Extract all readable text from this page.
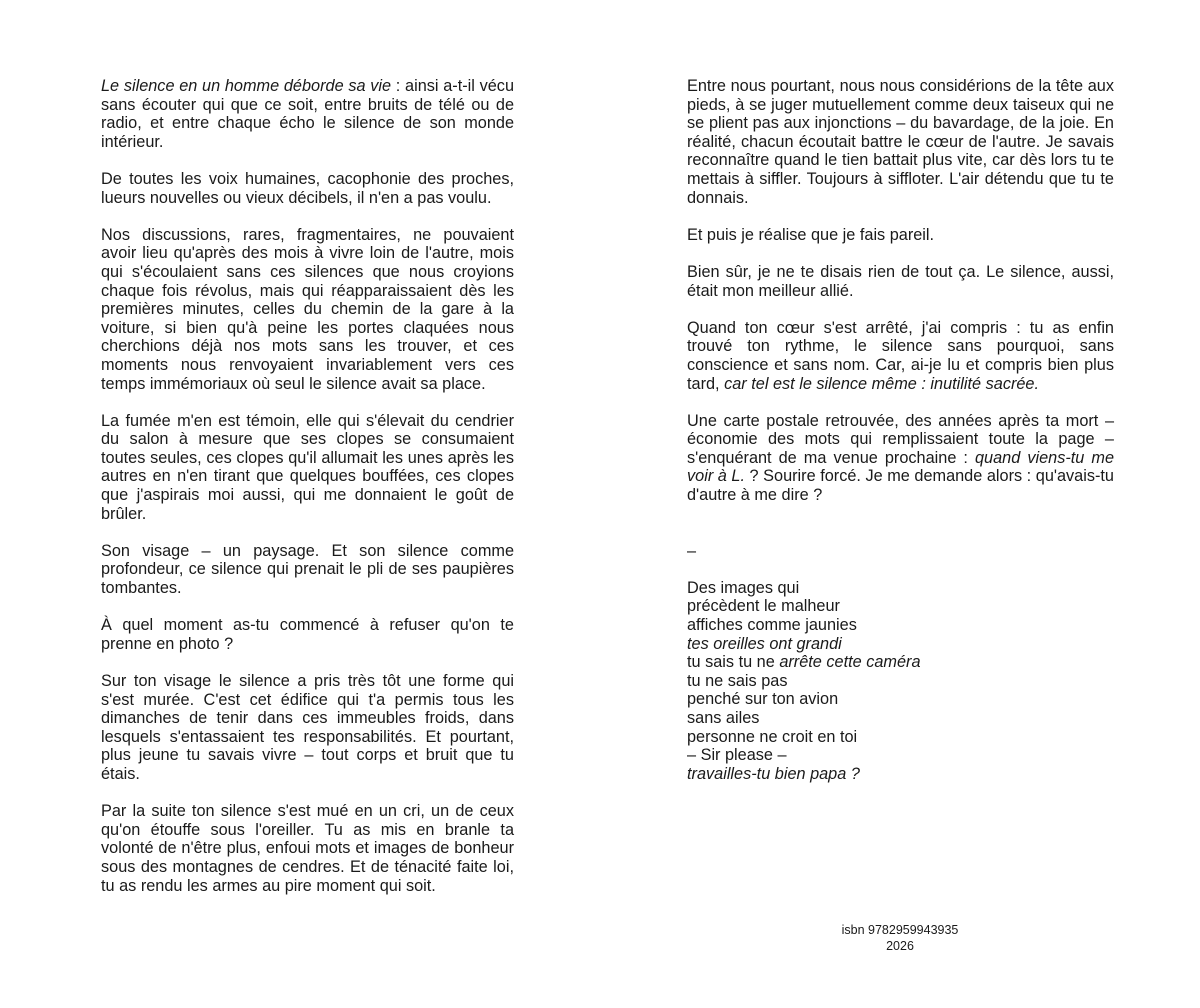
Le silence en un homme déborde sa vie : ainsi a-t-il vécu sans écouter qui que ce soit, entre bruits de télé ou de radio, et entre chaque écho le silence de son monde intérieur.

De toutes les voix humaines, cacophonie des proches, lueurs nouvelles ou vieux décibels, il n'en a pas voulu.

Nos discussions, rares, fragmentaires, ne pouvaient avoir lieu qu'après des mois à vivre loin de l'autre, mois qui s'écoulaient sans ces silences que nous croyions chaque fois révolus, mais qui réapparaissaient dès les premières minutes, celles du chemin de la gare à la voiture, si bien qu'à peine les portes claquées nous cherchions déjà nos mots sans les trouver, et ces moments nous renvoyaient invariablement vers ces temps immémoriaux où seul le silence avait sa place.

La fumée m'en est témoin, elle qui s'élevait du cendrier du salon à mesure que ses clopes se consumaient toutes seules, ces clopes qu'il allumait les unes après les autres en n'en tirant que quelques bouffées, ces clopes que j'aspirais moi aussi, qui me donnaient le goût de brûler.

Son visage – un paysage. Et son silence comme profondeur, ce silence qui prenait le pli de ses paupières tombantes.

À quel moment as-tu commencé à refuser qu'on te prenne en photo ?

Sur ton visage le silence a pris très tôt une forme qui s'est murée. C'est cet édifice qui t'a permis tous les dimanches de tenir dans ces immeubles froids, dans lesquels s'entassaient tes responsabilités. Et pourtant, plus jeune tu savais vivre – tout corps et bruit que tu étais.

Par la suite ton silence s'est mué en un cri, un de ceux qu'on étouffe sous l'oreiller. Tu as mis en branle ta volonté de n'être plus, enfoui mots et images de bonheur sous des montagnes de cendres. Et de ténacité faite loi, tu as rendu les armes au pire moment qui soit.

Entre nous pourtant, nous nous considérions de la tête aux pieds, à se juger mutuellement comme deux taiseux qui ne se plient pas aux injonctions – du bavardage, de la joie. En réalité, chacun écoutait battre le cœur de l'autre. Je savais reconnaître quand le tien battait plus vite, car dès lors tu te mettais à siffler. Toujours à siffloter. L'air détendu que tu te donnais.

Et puis je réalise que je fais pareil.

Bien sûr, je ne te disais rien de tout ça. Le silence, aussi, était mon meilleur allié.

Quand ton cœur s'est arrêté, j'ai compris : tu as enfin trouvé ton rythme, le silence sans pourquoi, sans conscience et sans nom. Car, ai-je lu et compris bien plus tard, car tel est le silence même : inutilité sacrée.

Une carte postale retrouvée, des années après ta mort – économie des mots qui remplissaient toute la page – s'enquérant de ma venue prochaine : quand viens-tu me voir à L. ? Sourire forcé. Je me demande alors : qu'avais-tu d'autre à me dire ?

–
Des images qui
précèdent le malheur
affiches comme jaunies
tes oreilles ont grandi
tu sais tu ne arrête cette caméra
tu ne sais pas
penché sur ton avion
sans ailes
personne ne croit en toi
– Sir please –
travailles-tu bien papa ?
isbn 9782959943935
2026
